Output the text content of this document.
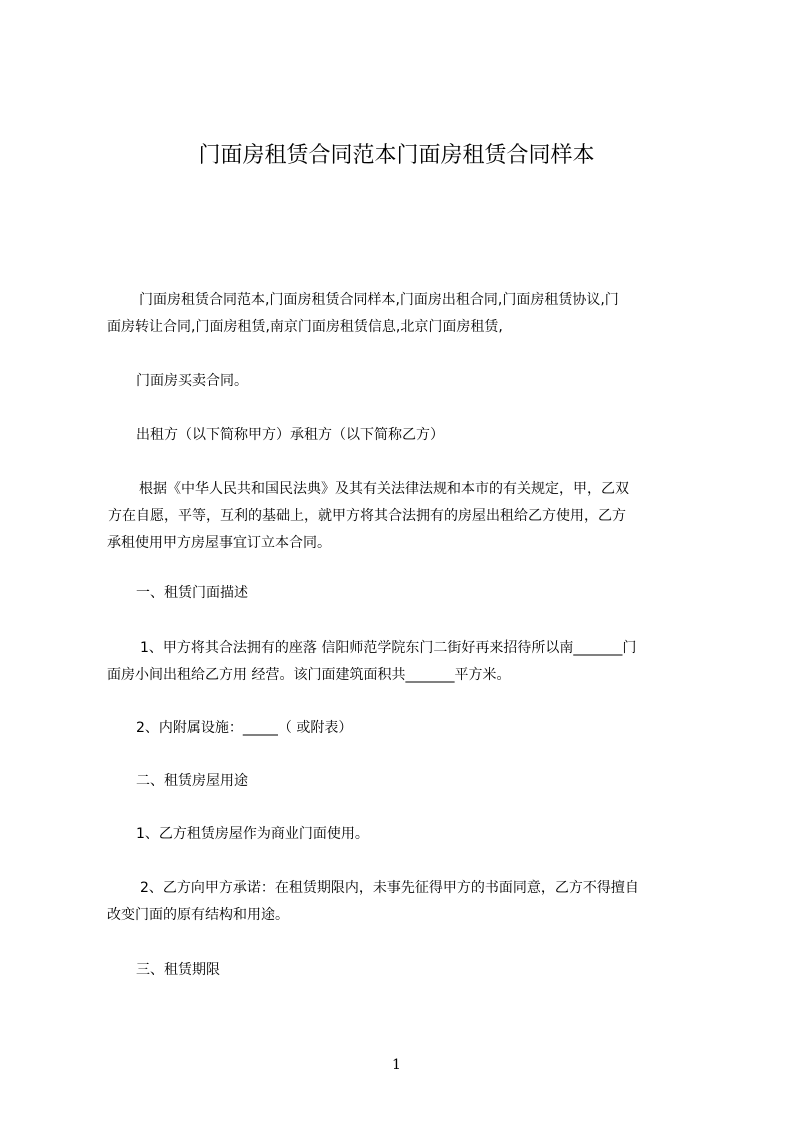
门面房租赁合同范本门面房租赁合同样本
门面房租赁合同范本,门面房租赁合同样本,门面房出租合同,门面房租赁协议,门
面房转让合同,门面房租赁,南京门面房租赁信息,北京门面房租赁,
门面房买卖合同。
出租方（以下简称甲方）承租方（以下简称乙方）
根据《中华人民共和国民法典》及其有关法律法规和本市的有关规定，甲，乙双
方在自愿，平等，互利的基础上，就甲方将其合法拥有的房屋出租给乙方使用，乙方
承租使用甲方房屋事宜订立本合同。
一、租赁门面描述
1、甲方将其合法拥有的座落 信阳师范学院东门二街好再来招待所以南_______门
面房小间出租给乙方用 经营。该门面建筑面积共_______平方米。
2、内附属设施：_____（ 或附表）
二、租赁房屋用途
1、乙方租赁房屋作为商业门面使用。
2、乙方向甲方承诺：在租赁期限内，未事先征得甲方的书面同意，乙方不得擅自
改变门面的原有结构和用途。
三、租赁期限
1
